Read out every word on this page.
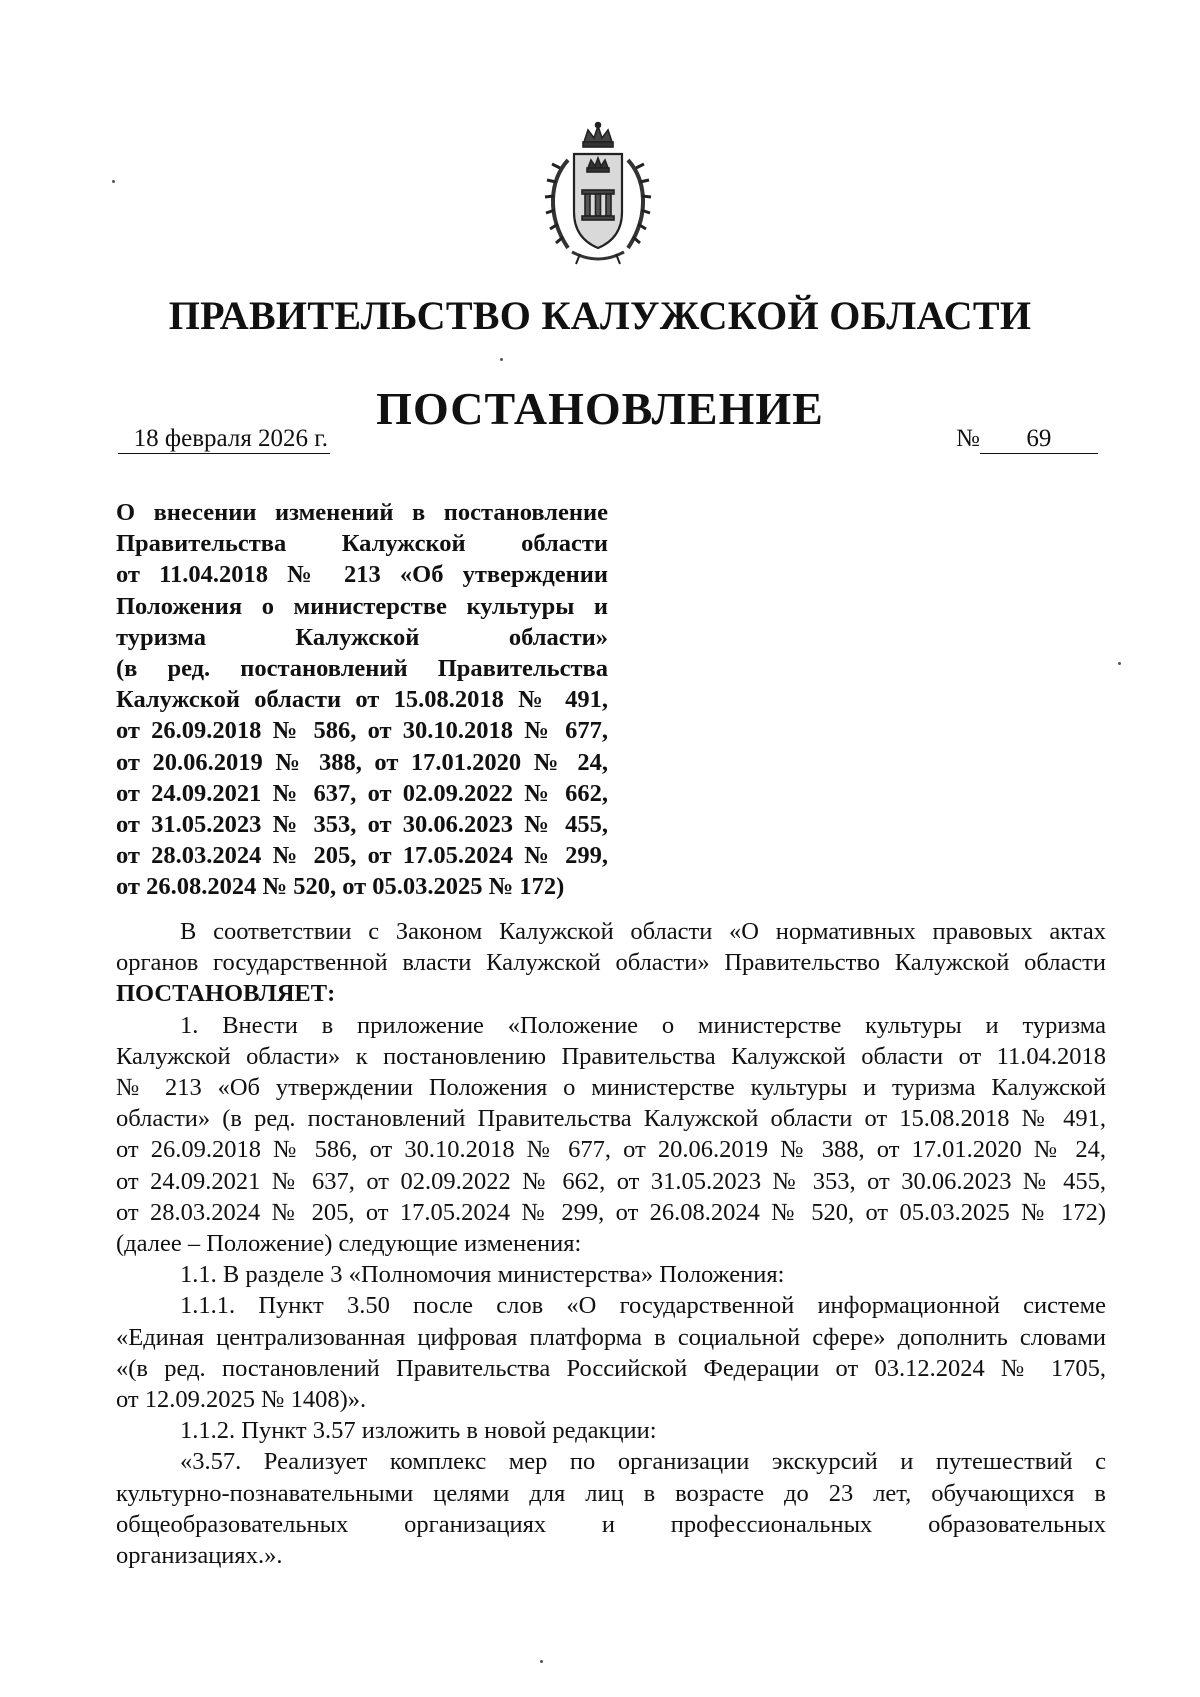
ПРАВИТЕЛЬСТВО КАЛУЖСКОЙ ОБЛАСТИ
ПОСТАНОВЛЕНИЕ
18 февраля 2026 г.	№ 69
О внесении изменений в постановление
Правительства Калужской области
от 11.04.2018 № 213 «Об утверждении
Положения о министерстве культуры и
туризма Калужской области»
(в ред. постановлений Правительства
Калужской области от 15.08.2018 № 491,
от 26.09.2018 № 586, от 30.10.2018 № 677,
от 20.06.2019 № 388, от 17.01.2020 № 24,
от 24.09.2021 № 637, от 02.09.2022 № 662,
от 31.05.2023 № 353, от 30.06.2023 № 455,
от 28.03.2024 № 205, от 17.05.2024 № 299,
от 26.08.2024 № 520, от 05.03.2025 № 172)
В соответствии с Законом Калужской области «О нормативных правовых актах
органов государственной власти Калужской области» Правительство Калужской области
ПОСТАНОВЛЯЕТ:
1. Внести в приложение «Положение о министерстве культуры и туризма
Калужской области» к постановлению Правительства Калужской области от 11.04.2018
№ 213 «Об утверждении Положения о министерстве культуры и туризма Калужской
области» (в ред. постановлений Правительства Калужской области от 15.08.2018 № 491,
от 26.09.2018 № 586, от 30.10.2018 № 677, от 20.06.2019 № 388, от 17.01.2020 № 24,
от 24.09.2021 № 637, от 02.09.2022 № 662, от 31.05.2023 № 353, от 30.06.2023 № 455,
от 28.03.2024 № 205, от 17.05.2024 № 299, от 26.08.2024 № 520, от 05.03.2025 № 172)
(далее – Положение) следующие изменения:
1.1. В разделе 3 «Полномочия министерства» Положения:
1.1.1. Пункт 3.50 после слов «О государственной информационной системе
«Единая централизованная цифровая платформа в социальной сфере» дополнить словами
«(в ред. постановлений Правительства Российской Федерации от 03.12.2024 № 1705,
от 12.09.2025 № 1408)».
1.1.2. Пункт 3.57 изложить в новой редакции:
«3.57. Реализует комплекс мер по организации экскурсий и путешествий с
культурно-познавательными целями для лиц в возрасте до 23 лет, обучающихся в
общеобразовательных организациях и профессиональных образовательных
организациях.».
